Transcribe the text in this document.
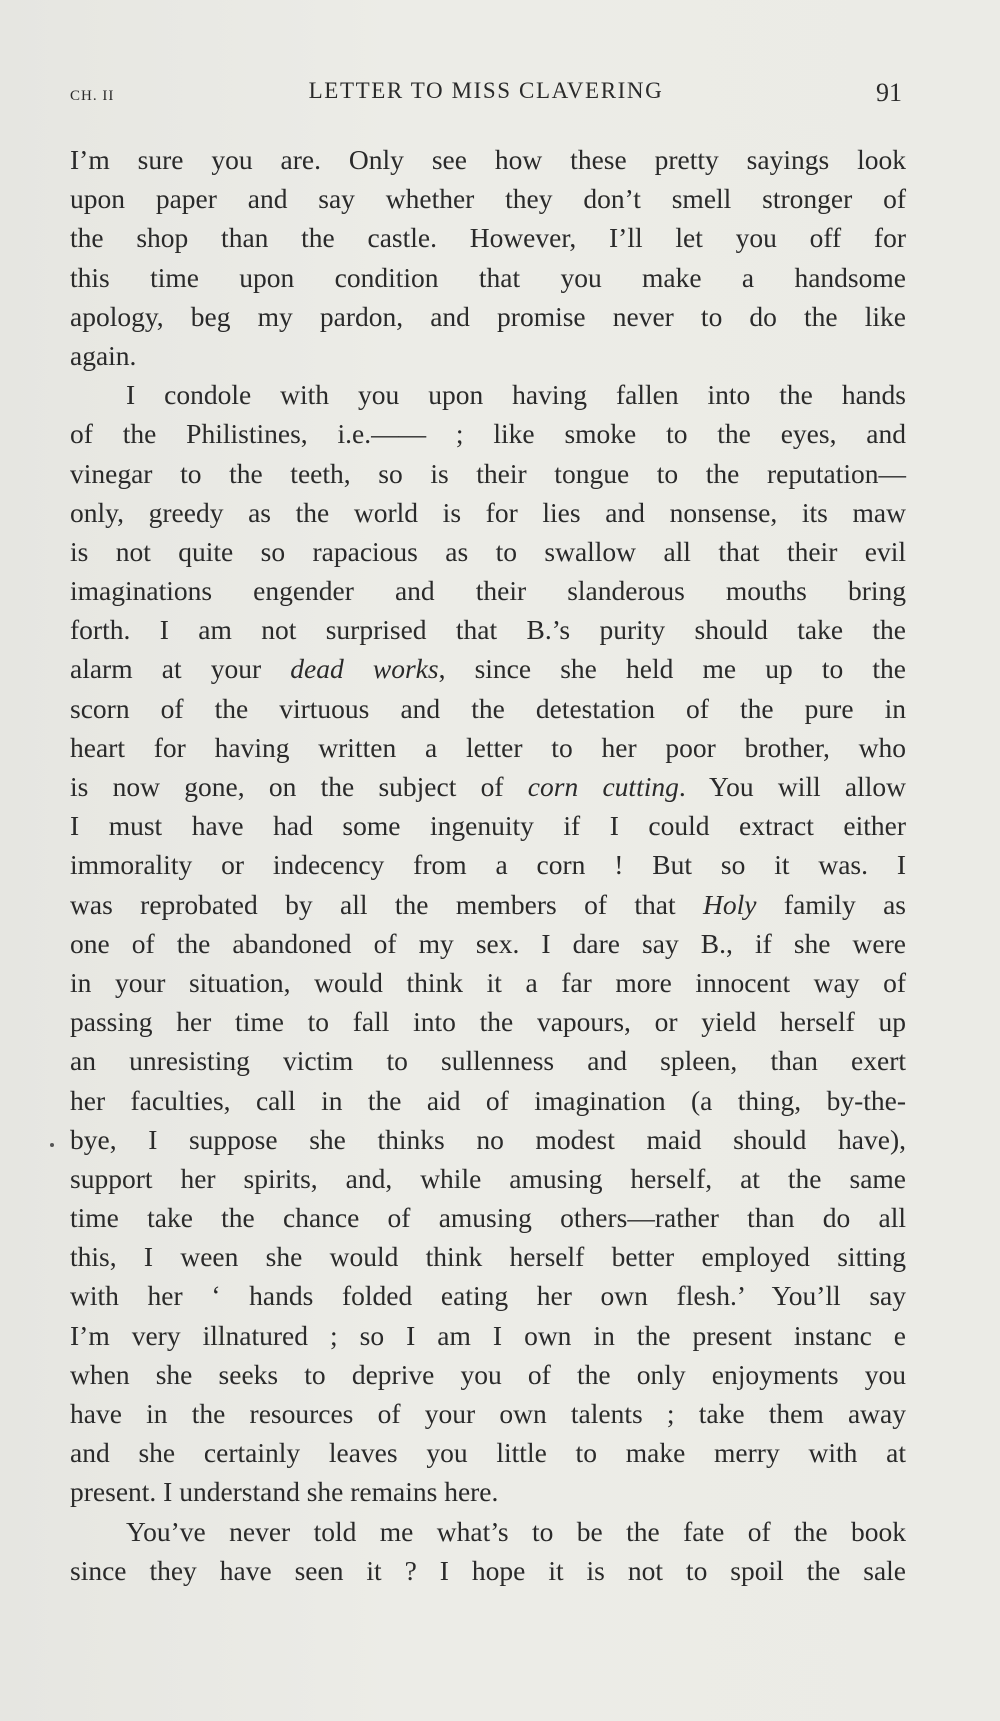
CH. II	LETTER TO MISS CLAVERING	91
I’m sure you are. Only see how these pretty sayings look
upon paper and say whether they don’t smell stronger of
the shop than the castle. However, I’ll let you off for
this time upon condition that you make a handsome
apology, beg my pardon, and promise never to do the like
again.
I condole with you upon having fallen into the hands
of the Philistines, i.e.—— ; like smoke to the eyes, and
vinegar to the teeth, so is their tongue to the reputation—
only, greedy as the world is for lies and nonsense, its maw
is not quite so rapacious as to swallow all that their evil
imaginations engender and their slanderous mouths bring
forth. I am not surprised that B.’s purity should take the
alarm at your dead works, since she held me up to the
scorn of the virtuous and the detestation of the pure in
heart for having written a letter to her poor brother, who
is now gone, on the subject of corn cutting. You will allow
I must have had some ingenuity if I could extract either
immorality or indecency from a corn ! But so it was. I
was reprobated by all the members of that Holy family as
one of the abandoned of my sex. I dare say B., if she were
in your situation, would think it a far more innocent way of
passing her time to fall into the vapours, or yield herself up
an unresisting victim to sullenness and spleen, than exert
her faculties, call in the aid of imagination (a thing, by-the-
bye, I suppose she thinks no modest maid should have),
support her spirits, and, while amusing herself, at the same
time take the chance of amusing others—rather than do all
this, I ween she would think herself better employed sitting
with her ‘ hands folded eating her own flesh.’ You’ll say
I’m very illnatured ; so I am I own in the present instanc e
when she seeks to deprive you of the only enjoyments you
have in the resources of your own talents ; take them away
and she certainly leaves you little to make merry with at
present. I understand she remains here.
You’ve never told me what’s to be the fate of the book
since they have seen it ? I hope it is not to spoil the sale
